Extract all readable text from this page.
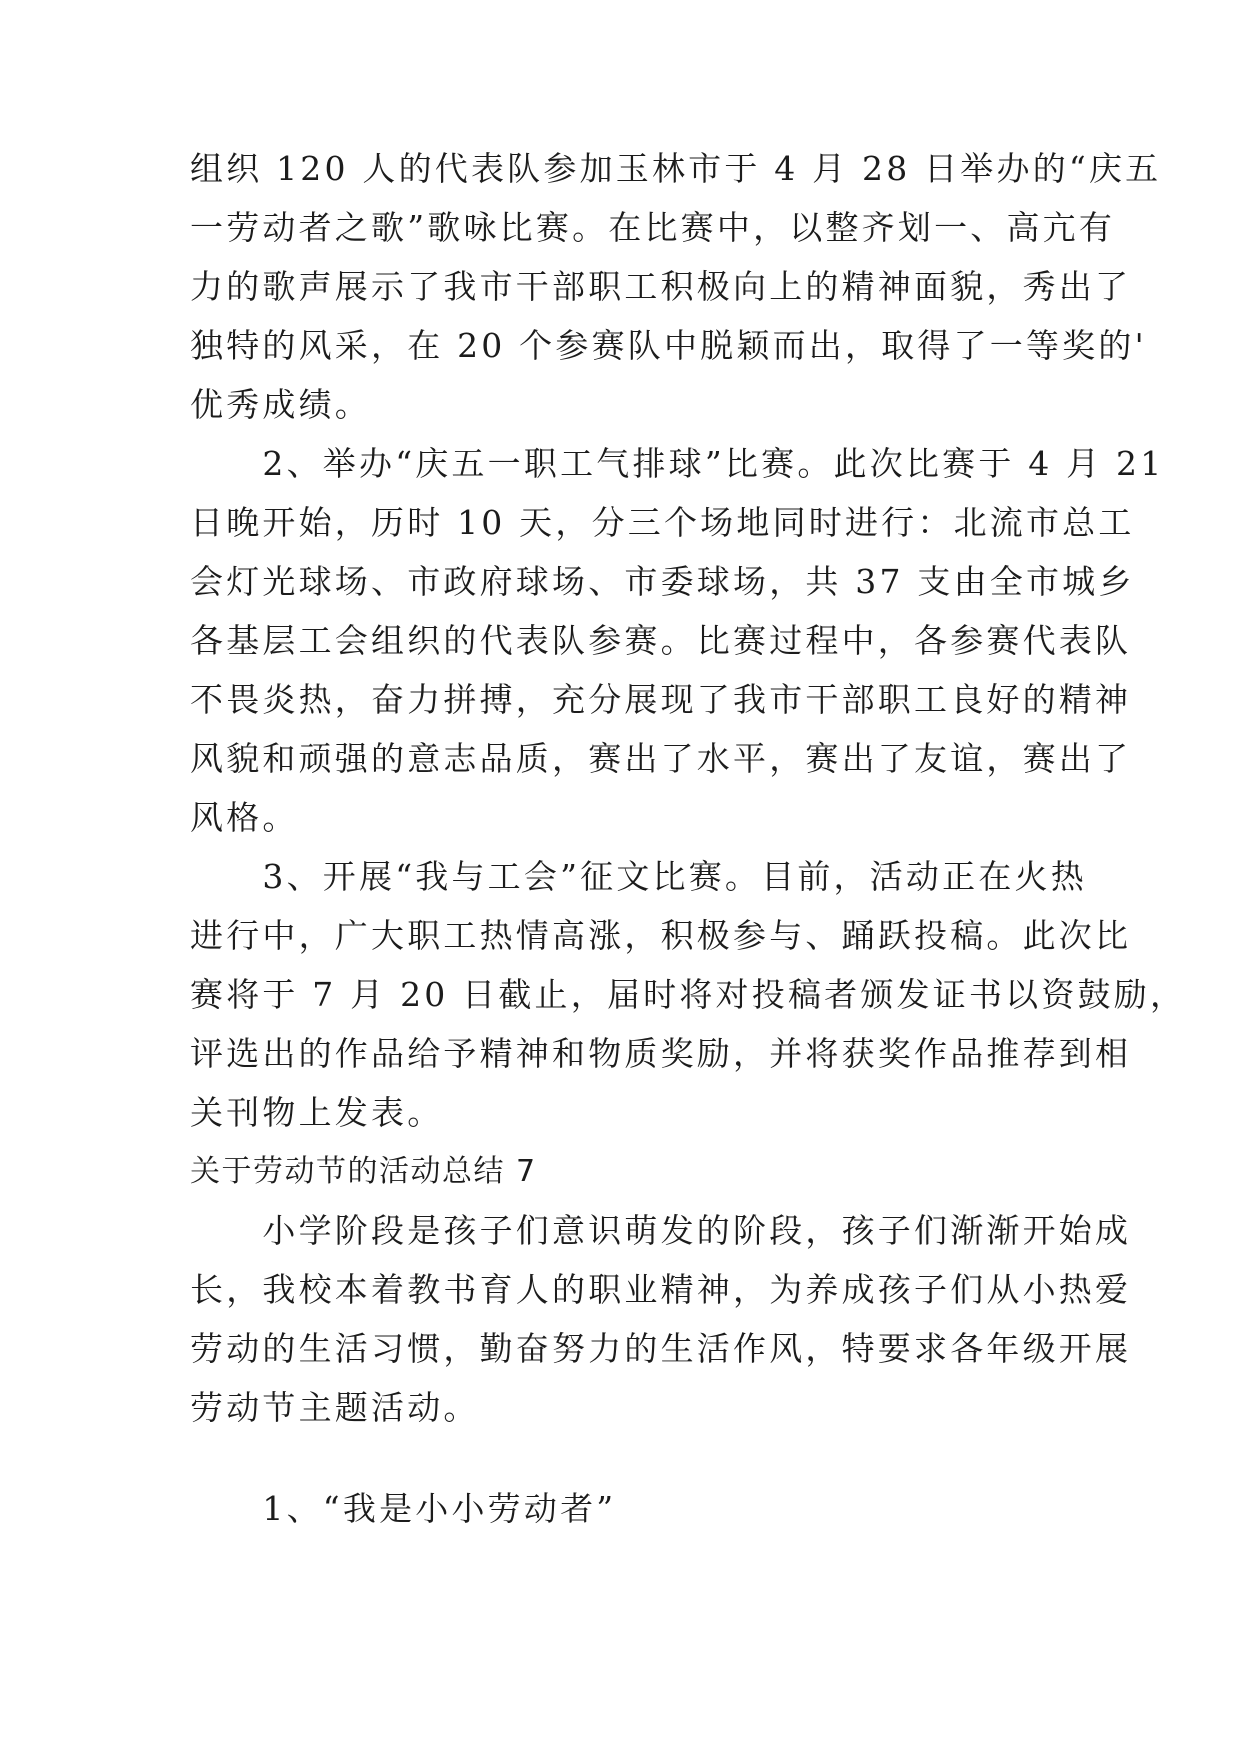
组织 120 人的代表队参加玉林市于 4 月 28 日举办的“庆五
一劳动者之歌”歌咏比赛。在比赛中，以整齐划一、高亢有
力的歌声展示了我市干部职工积极向上的精神面貌，秀出了
独特的风采，在 20 个参赛队中脱颖而出，取得了一等奖的'
优秀成绩。
　　2、举办“庆五一职工气排球”比赛。此次比赛于 4 月 21
日晚开始，历时 10 天，分三个场地同时进行：北流市总工
会灯光球场、市政府球场、市委球场，共 37 支由全市城乡
各基层工会组织的代表队参赛。比赛过程中，各参赛代表队
不畏炎热，奋力拼搏，充分展现了我市干部职工良好的精神
风貌和顽强的意志品质，赛出了水平，赛出了友谊，赛出了
风格。
　　3、开展“我与工会”征文比赛。目前，活动正在火热
进行中，广大职工热情高涨，积极参与、踊跃投稿。此次比
赛将于 7 月 20 日截止，届时将对投稿者颁发证书以资鼓励，
评选出的作品给予精神和物质奖励，并将获奖作品推荐到相
关刊物上发表。
关于劳动节的活动总结 7
　　小学阶段是孩子们意识萌发的阶段，孩子们渐渐开始成
长，我校本着教书育人的职业精神，为养成孩子们从小热爱
劳动的生活习惯，勤奋努力的生活作风，特要求各年级开展
劳动节主题活动。
　　1、“我是小小劳动者”
